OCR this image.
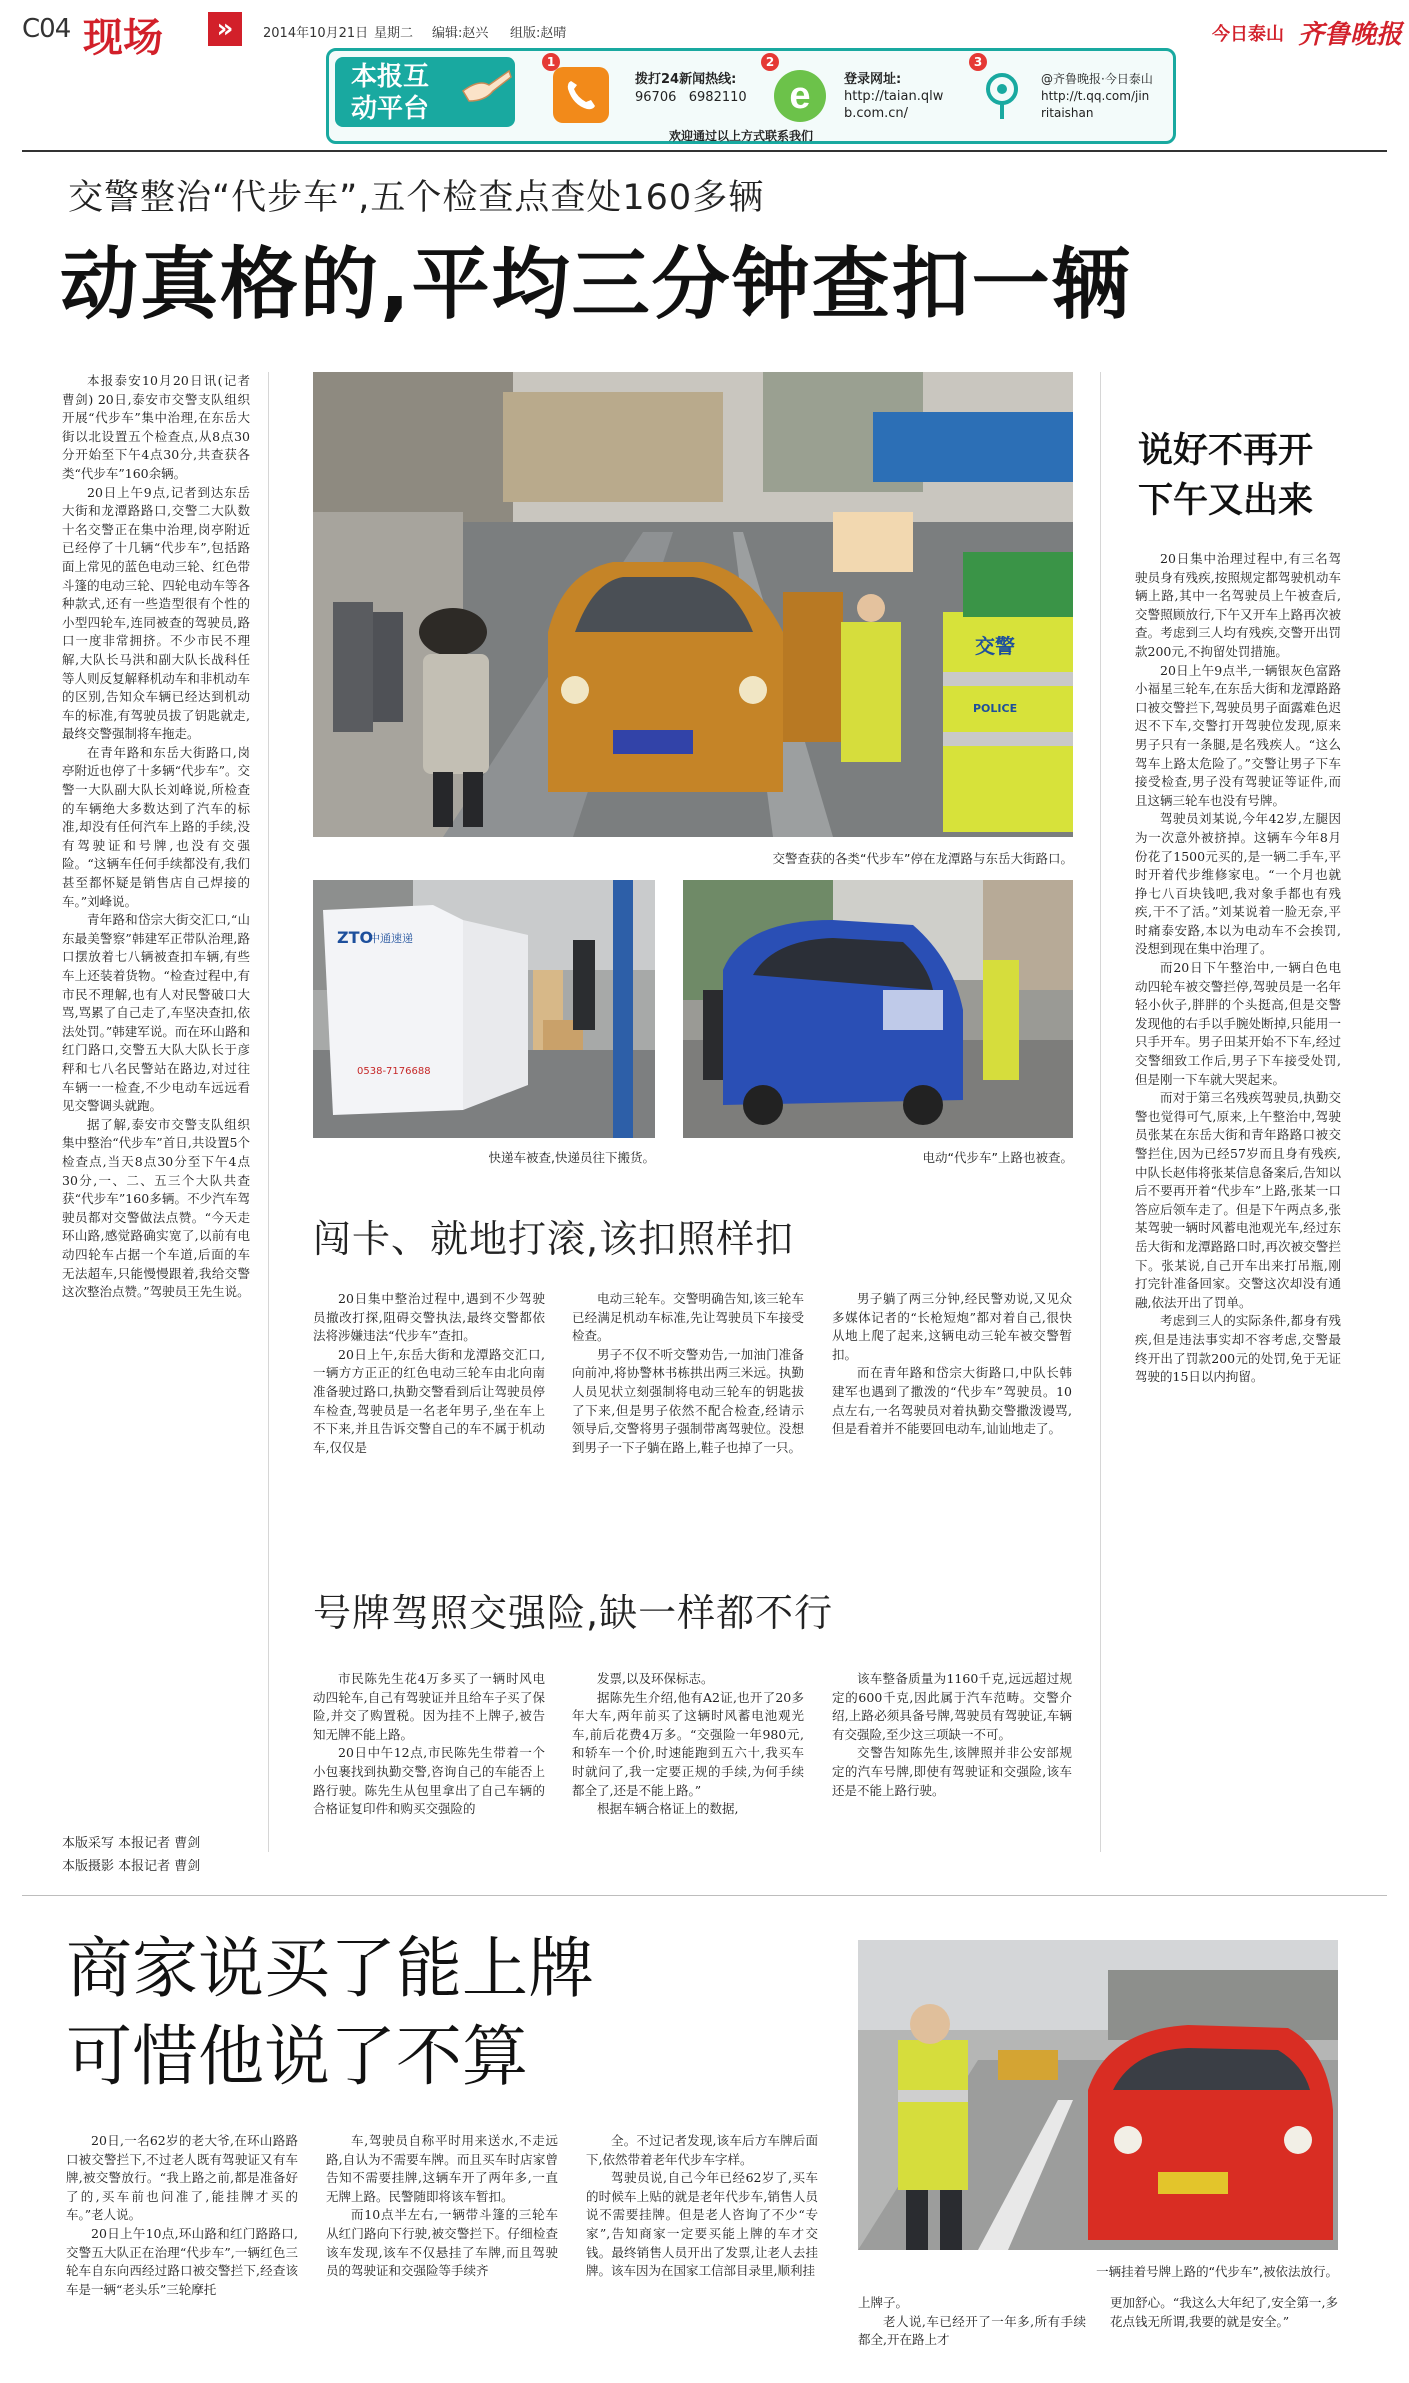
C04 现场	»	2014年10月21日 星期二 编辑:赵兴 组版:赵晴	今日泰山 齐鲁晚报
本报互
动平台
1
拨打24新闻热线:
96706 6982110
2
e	登录网址:
http://taian.qlw
b.com.cn/
3
@齐鲁晚报·今日泰山
http://t.qq.com/jin
ritaishan
欢迎通过以上方式联系我们
交警整治“代步车”,五个检查点查处160多辆
动真格的,平均三分钟查扣一辆

本报泰安10月20日讯(记者 曹剑) 20日,泰安市交警支队组织开展“代步车”集中治理,在东岳大街以北设置五个检查点,从8点30分开始至下午4点30分,共查获各类“代步车”160余辆。

20日上午9点,记者到达东岳大街和龙潭路路口,交警二大队数十名交警正在集中治理,岗亭附近已经停了十几辆“代步车”,包括路面上常见的蓝色电动三轮、红色带斗篷的电动三轮、四轮电动车等各种款式,还有一些造型很有个性的小型四轮车,连同被查的驾驶员,路口一度非常拥挤。不少市民不理解,大队长马洪和副大队长战科任等人则反复解释机动车和非机动车的区别,告知众车辆已经达到机动车的标准,有驾驶员拔了钥匙就走,最终交警强制将车拖走。

在青年路和东岳大街路口,岗亭附近也停了十多辆“代步车”。交警一大队副大队长刘峰说,所检查的车辆绝大多数达到了汽车的标准,却没有任何汽车上路的手续,没有驾驶证和号牌,也没有交强险。“这辆车任何手续都没有,我们甚至都怀疑是销售店自己焊接的车。”刘峰说。

青年路和岱宗大街交汇口,“山东最美警察”韩建军正带队治理,路口摆放着七八辆被查扣车辆,有些车上还装着货物。“检查过程中,有市民不理解,也有人对民警破口大骂,骂累了自己走了,车坚决查扣,依法处罚。”韩建军说。而在环山路和红门路口,交警五大队大队长于彦秤和七八名民警站在路边,对过往车辆一一检查,不少电动车远远看见交警调头就跑。

据了解,泰安市交警支队组织集中整治“代步车”首日,共设置5个检查点,当天8点30分至下午4点30分,一、二、五三个大队共查获“代步车”160多辆。不少汽车驾驶员都对交警做法点赞。“今天走环山路,感觉路确实宽了,以前有电动四轮车占据一个车道,后面的车无法超车,只能慢慢跟着,我给交警这次整治点赞。”驾驶员王先生说。

本版采写 本报记者 曹剑
本版摄影 本报记者 曹剑
交警
POLICE
交警查获的各类“代步车”停在龙潭路与东岳大街路口。
ZTO
中通速递
0538-7176688
快递车被查,快递员往下搬货。	电动“代步车”上路也被查。
说好不再开
下午又出来

20日集中治理过程中,有三名驾驶员身有残疾,按照规定都驾驶机动车辆上路,其中一名驾驶员上午被查后,交警照顾放行,下午又开车上路再次被查。考虑到三人均有残疾,交警开出罚款200元,不拘留处罚措施。

20日上午9点半,一辆银灰色富路小福星三轮车,在东岳大街和龙潭路路口被交警拦下,驾驶员男子面露难色迟迟不下车,交警打开驾驶位发现,原来男子只有一条腿,是名残疾人。“这么驾车上路太危险了。”交警让男子下车接受检查,男子没有驾驶证等证件,而且这辆三轮车也没有号牌。

驾驶员刘某说,今年42岁,左腿因为一次意外被挤掉。这辆车今年8月份花了1500元买的,是一辆二手车,平时开着代步维修家电。“一个月也就挣七八百块钱吧,我对象手都也有残疾,干不了活。”刘某说着一脸无奈,平时痛泰安路,本以为电动车不会挨罚,没想到现在集中治理了。

而20日下午整治中,一辆白色电动四轮车被交警拦停,驾驶员是一名年轻小伙子,胖胖的个头挺高,但是交警发现他的右手以手腕处断掉,只能用一只手开车。男子田某开始不下车,经过交警细致工作后,男子下车接受处罚,但是刚一下车就大哭起来。

而对于第三名残疾驾驶员,执勤交警也觉得可气,原来,上午整治中,驾驶员张某在东岳大街和青年路路口被交警拦住,因为已经57岁而且身有残疾,中队长赵伟将张某信息备案后,告知以后不要再开着“代步车”上路,张某一口答应后领车走了。但是下午两点多,张某驾驶一辆时风蓄电池观光车,经过东岳大街和龙潭路路口时,再次被交警拦下。张某说,自己开车出来打吊瓶,刚打完针准备回家。交警这次却没有通融,依法开出了罚单。

考虑到三人的实际条件,都身有残疾,但是违法事实却不容考虑,交警最终开出了罚款200元的处罚,免于无证驾驶的15日以内拘留。

闯卡、就地打滚,该扣照样扣

20日集中整治过程中,遇到不少驾驶员撤改打探,阻碍交警执法,最终交警都依法将涉嫌违法“代步车”查扣。

20日上午,东岳大街和龙潭路交汇口,一辆方方正正的红色电动三轮车由北向南准备驶过路口,执勤交警看到后让驾驶员停车检查,驾驶员是一名老年男子,坐在车上不下来,并且告诉交警自己的车不属于机动车,仅仅是

电动三轮车。交警明确告知,该三轮车已经满足机动车标准,先让驾驶员下车接受检查。

男子不仅不听交警劝告,一加油门准备向前冲,将协警林书栋拱出两三米远。执勤人员见状立刻强制将电动三轮车的钥匙拔了下来,但是男子依然不配合检查,经请示领导后,交警将男子强制带离驾驶位。没想到男子一下子躺在路上,鞋子也掉了一只。

男子躺了两三分钟,经民警劝说,又见众多媒体记者的“长枪短炮”都对着自己,很快从地上爬了起来,这辆电动三轮车被交警暂扣。

而在青年路和岱宗大街路口,中队长韩建军也遇到了撒泼的“代步车”驾驶员。10点左右,一名驾驶员对着执勤交警撒泼谩骂,但是看着并不能要回电动车,讪讪地走了。

号牌驾照交强险,缺一样都不行

市民陈先生花4万多买了一辆时风电动四轮车,自己有驾驶证并且给车子买了保险,并交了购置税。因为挂不上牌子,被告知无牌不能上路。

20日中午12点,市民陈先生带着一个小包裹找到执勤交警,咨询自己的车能否上路行驶。陈先生从包里拿出了自己车辆的合格证复印件和购买交强险的

发票,以及环保标志。

据陈先生介绍,他有A2证,也开了20多年大车,两年前买了这辆时风蓄电池观光车,前后花费4万多。“交强险一年980元,和轿车一个价,时速能跑到五六十,我买车时就问了,我一定要正规的手续,为何手续都全了,还是不能上路。”

根据车辆合格证上的数据,

该车整备质量为1160千克,远远超过规定的600千克,因此属于汽车范畴。交警介绍,上路必须具备号牌,驾驶员有驾驶证,车辆有交强险,至少这三项缺一不可。

交警告知陈先生,该牌照并非公安部规定的汽车号牌,即使有驾驶证和交强险,该车还是不能上路行驶。

商家说买了能上牌
可惜他说了不算

20日,一名62岁的老大爷,在环山路路口被交警拦下,不过老人既有驾驶证又有车牌,被交警放行。“我上路之前,都是准备好了的,买车前也问准了,能挂牌才买的车。”老人说。

20日上午10点,环山路和红门路路口,交警五大队正在治理“代步车”,一辆红色三轮车自东向西经过路口被交警拦下,经查该车是一辆“老头乐”三轮摩托

车,驾驶员自称平时用来送水,不走远路,自认为不需要车牌。而且买车时店家曾告知不需要挂牌,这辆车开了两年多,一直无牌上路。民警随即将该车暂扣。

而10点半左右,一辆带斗篷的三轮车从红门路向下行驶,被交警拦下。仔细检查该车发现,该车不仅悬挂了车牌,而且驾驶员的驾驶证和交强险等手续齐

全。不过记者发现,该车后方车牌后面下,依然带着老年代步车字样。

驾驶员说,自己今年已经62岁了,买车的时候车上贴的就是老年代步车,销售人员说不需要挂牌。但是老人咨询了不少“专家”,告知商家一定要买能上牌的车才交钱。最终销售人员开出了发票,让老人去挂牌。该车因为在国家工信部目录里,顺利挂	一辆挂着号牌上路的“代步车”,被依法放行。

上牌子。

老人说,车已经开了一年多,所有手续都全,开在路上才

更加舒心。“我这么大年纪了,安全第一,多花点钱无所谓,我要的就是安全。”
